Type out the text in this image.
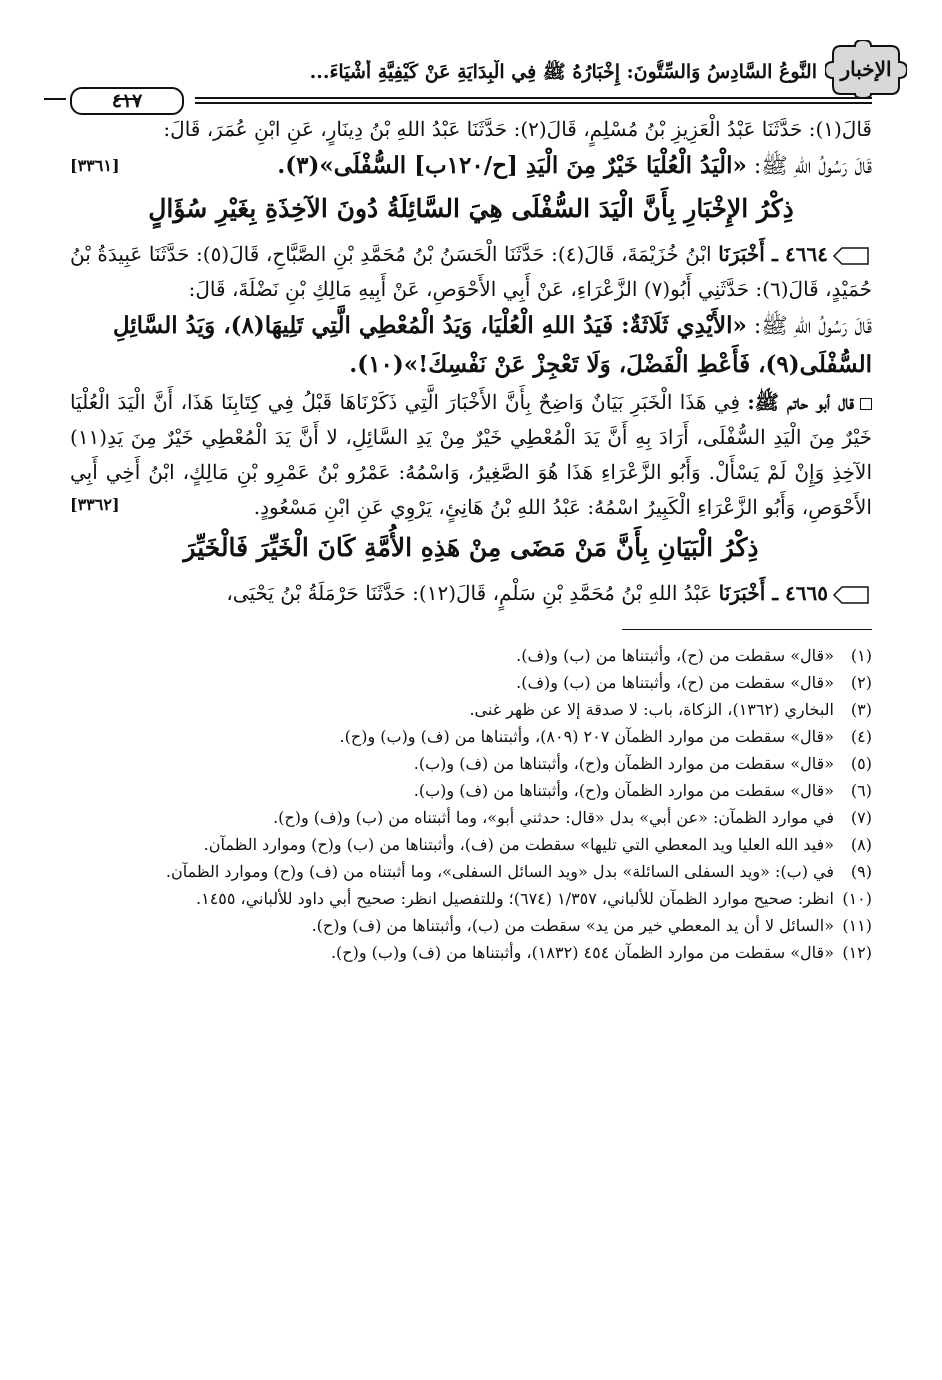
الإخبار
النَّوعُ السَّادِسُ وَالسِّتُّونَ: إِخْبَارُهُ ﷺ فِي الْبِدَايَةِ عَنْ كَيْفِيَّةِ أَشْيَاءَ...
٤١٧

قَالَ(١): حَدَّثَنَا عَبْدُ الْعَزِيزِ بْنُ مُسْلِمٍ، قَالَ(٢): حَدَّثَنَا عَبْدُ اللهِ بْنُ دِينَارٍ، عَنِ ابْنِ عُمَرَ، قَالَ:

قَالَ رَسُولُ اللهِ ﷺ: «الْيَدُ الْعُلْيَا خَيْرٌ مِنَ الْيَدِ [ح/١٢٠ب] السُّفْلَى»(٣).

[٣٣٦١]
ذِكْرُ الإِخْبَارِ بِأَنَّ الْيَدَ السُّفْلَى هِيَ السَّائِلَةُ دُونَ الآخِذَةِ بِغَيْرِ سُؤَالٍ

٤٦٦٤ ـ أَخْبَرَنَا ابْنُ خُزَيْمَةَ، قَالَ(٤): حَدَّثَنَا الْحَسَنُ بْنُ مُحَمَّدِ بْنِ الصَّبَّاحِ، قَالَ(٥): حَدَّثَنَا عَبِيدَةُ بْنُ حُمَيْدٍ، قَالَ(٦): حَدَّثَنِي أَبُو(٧) الزَّعْرَاءِ، عَنْ أَبِي الأَحْوَصِ، عَنْ أَبِيهِ مَالِكِ بْنِ نَضْلَةَ، قَالَ:

قَالَ رَسُولُ اللهِ ﷺ: «الأَيْدِي ثَلَاثَةٌ: فَيَدُ اللهِ الْعُلْيَا، وَيَدُ الْمُعْطِي الَّتِي تَلِيهَا(٨)، وَيَدُ السَّائِلِ السُّفْلَى(٩)، فَأَعْطِ الْفَضْلَ، وَلَا تَعْجِزْ عَنْ نَفْسِكَ!»(١٠).

قال أبو حاتم ﷺ: فِي هَذَا الْخَبَرِ بَيَانٌ وَاضِحٌ بِأَنَّ الأَخْبَارَ الَّتِي ذَكَرْنَاهَا قَبْلُ فِي كِتَابِنَا هَذَا، أَنَّ الْيَدَ الْعُلْيَا خَيْرٌ مِنَ الْيَدِ السُّفْلَى، أَرَادَ بِهِ أَنَّ يَدَ الْمُعْطِي خَيْرٌ مِنْ يَدِ السَّائِلِ، لا أَنَّ يَدَ الْمُعْطِي خَيْرٌ مِنَ يَدِ(١١) الآخِذِ وَإِنْ لَمْ يَسْأَلْ. وَأَبُو الزَّعْرَاءِ هَذَا هُوَ الصَّغِيرُ، وَاسْمُهُ: عَمْرُو بْنُ عَمْرِو بْنِ مَالِكٍ، ابْنُ أَخِي أَبِي الأَحْوَصِ، وَأَبُو الزَّعْرَاءِ الْكَبِيرُ اسْمُهُ: عَبْدُ اللهِ بْنُ هَانِئٍ، يَرْوِي عَنِ ابْنِ مَسْعُودٍ.

[٣٣٦٢]
ذِكْرُ الْبَيَانِ بِأَنَّ مَنْ مَضَى مِنْ هَذِهِ الأُمَّةِ كَانَ الْخَيِّرَ فَالْخَيِّرَ

٤٦٦٥ ـ أَخْبَرَنَا عَبْدُ اللهِ بْنُ مُحَمَّدِ بْنِ سَلْمٍ، قَالَ(١٢): حَدَّثَنَا حَرْمَلَةُ بْنُ يَحْيَى،

(١)
«قال» سقطت من (ح)، وأثبتناها من (ب) و(ف).
(٢)
«قال» سقطت من (ح)، وأثبتناها من (ب) و(ف).
(٣)
البخاري (١٣٦٢)، الزكاة، باب: لا صدقة إلا عن ظهر غنى.
(٤)
«قال» سقطت من موارد الظمآن ٢٠٧ (٨٠٩)، وأثبتناها من (ف) و(ب) و(ح).
(٥)
«قال» سقطت من موارد الظمآن و(ح)، وأثبتناها من (ف) و(ب).
(٦)
«قال» سقطت من موارد الظمآن و(ح)، وأثبتناها من (ف) و(ب).
(٧)
في موارد الظمآن: «عن أبي» بدل «قال: حدثني أبو»، وما أثبتناه من (ب) و(ف) و(ح).
(٨)
«فيد الله العليا ويد المعطي التي تليها» سقطت من (ف)، وأثبتناها من (ب) و(ح) وموارد الظمآن.
(٩)
في (ب): «ويد السفلى السائلة» بدل «ويد السائل السفلى»، وما أثبتناه من (ف) و(ح) وموارد الظمآن.
(١٠)
انظر: صحيح موارد الظمآن للألباني، ١/٣٥٧ (٦٧٤)؛ وللتفصيل انظر: صحيح أبي داود للألباني، ١٤٥٥.
(١١)
«السائل لا أن يد المعطي خير من يد» سقطت من (ب)، وأثبتناها من (ف) و(ح).
(١٢)
«قال» سقطت من موارد الظمآن ٤٥٤ (١٨٣٢)، وأثبتناها من (ف) و(ب) و(ح).
